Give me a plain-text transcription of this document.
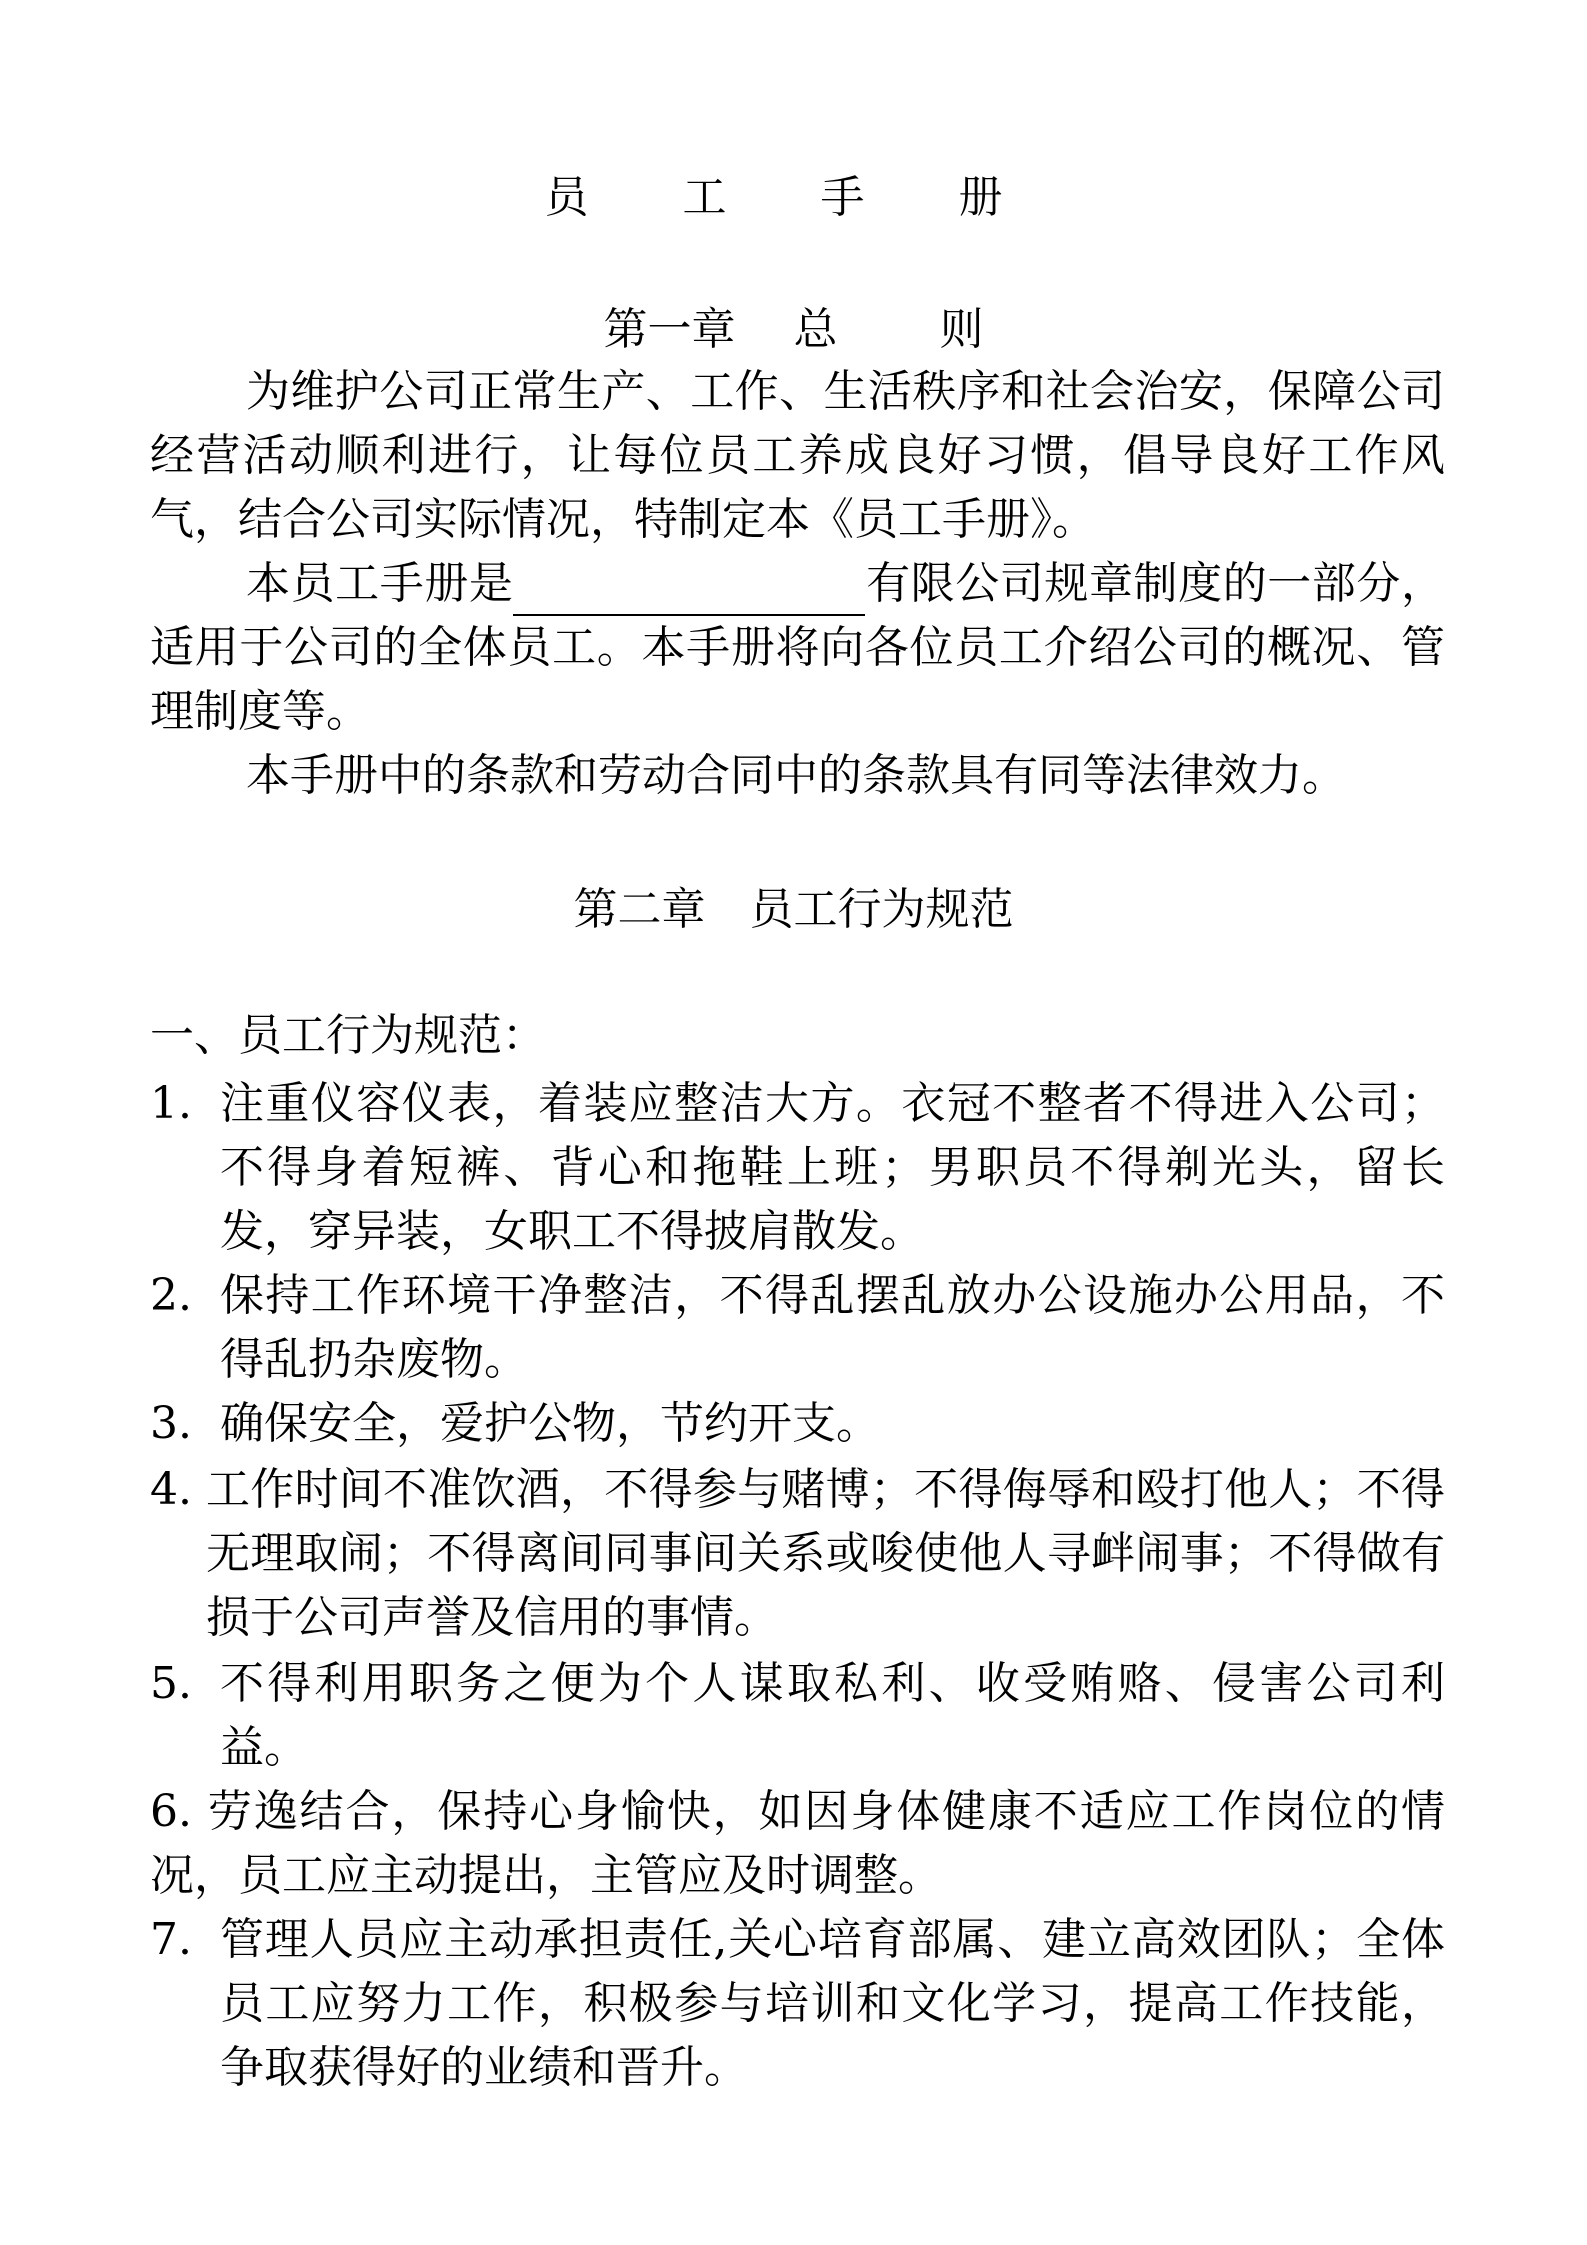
员 工 手 册
第一章　 总　　 则
为维护公司正常生产、工作、生活秩序和社会治安，保障公司经营活动顺利进行，让每位员工养成良好习惯，倡导良好工作风气，结合公司实际情况，特制定本《员工手册》。
本员工手册是	有限公司规章制度的一部分，适用于公司的全体员工。本手册将向各位员工介绍公司的概况、管理制度等。
本手册中的条款和劳动合同中的条款具有同等法律效力。
第二章　员工行为规范
一、员工行为规范：
1. 注重仪容仪表，着装应整洁大方。衣冠不整者不得进入公司；不得身着短裤、背心和拖鞋上班；男职员不得剃光头，留长发，穿异装，女职工不得披肩散发。
2. 保持工作环境干净整洁，不得乱摆乱放办公设施办公用品，不得乱扔杂废物。
3. 确保安全，爱护公物，节约开支。
4. 工作时间不准饮酒，不得参与赌博；不得侮辱和殴打他人；不得无理取闹；不得离间同事间关系或唆使他人寻衅闹事；不得做有损于公司声誉及信用的事情。
5. 不得利用职务之便为个人谋取私利、收受贿赂、侵害公司利益。
6. 劳逸结合，保持心身愉快，如因身体健康不适应工作岗位的情况，员工应主动提出，主管应及时调整。
7. 管理人员应主动承担责任,关心培育部属、建立高效团队；全体员工应努力工作，积极参与培训和文化学习，提高工作技能，争取获得好的业绩和晋升。
